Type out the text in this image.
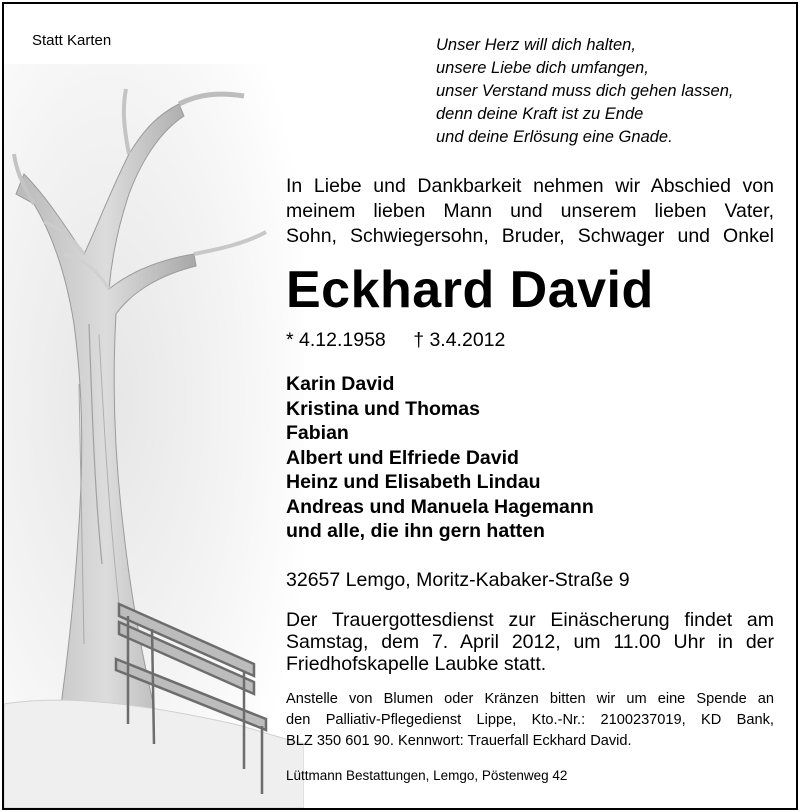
Statt Karten	Unser Herz will dich halten,
unsere Liebe dich umfangen,
unser Verstand muss dich gehen lassen,
denn deine Kraft ist zu Ende
und deine Erlösung eine Gnade.
In Liebe und Dankbarkeit nehmen wir Abschied von
meinem lieben Mann und unserem lieben Vater,
Sohn, Schwiegersohn, Bruder, Schwager und Onkel
Eckhard David
* 4.12.1958 † 3.4.2012
Karin David
Kristina und Thomas
Fabian
Albert und Elfriede David
Heinz und Elisabeth Lindau
Andreas und Manuela Hagemann
und alle, die ihn gern hatten
32657 Lemgo, Moritz-Kabaker-Straße 9
Der Trauergottesdienst zur Einäscherung findet am
Samstag, dem 7. April 2012, um 11.00 Uhr in der
Friedhofskapelle Laubke statt.
Anstelle von Blumen oder Kränzen bitten wir um eine Spende an
den Palliativ-Pflegedienst Lippe, Kto.-Nr.: 2100237019, KD Bank,
BLZ 350 601 90. Kennwort: Trauerfall Eckhard David.
Lüttmann Bestattungen, Lemgo, Pöstenweg 42
